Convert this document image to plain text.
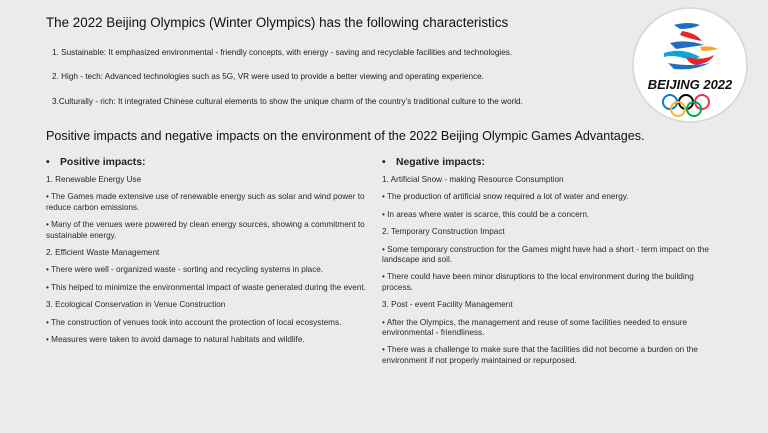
The 2022 Beijing Olympics (Winter Olympics) has the following characteristics
1. Sustainable: It emphasized environmental - friendly concepts, with energy - saving and recyclable facilities and technologies.
2. High - tech: Advanced technologies such as 5G, VR were used to provide a better viewing and operating experience.
3.Culturally - rich: It integrated Chinese cultural elements to show the unique charm of the country’s traditional culture to the world.
BEIJING 2022
Positive impacts and negative impacts on the environment of the 2022 Beijing Olympic Games Advantages.
• Positive impacts:
1. Renewable Energy Use
• The Games made extensive use of renewable energy such as solar and wind power to reduce carbon emissions.
• Many of the venues were powered by clean energy sources, showing a commitment to sustainable energy.
2. Efficient Waste Management
• There were well - organized waste - sorting and recycling systems in place.
• This helped to minimize the environmental impact of waste generated during the event.
3. Ecological Conservation in Venue Construction
• The construction of venues took into account the protection of local ecosystems.
• Measures were taken to avoid damage to natural habitats and wildlife.
• Negative impacts:
1. Artificial Snow - making Resource Consumption
• The production of artificial snow required a lot of water and energy.
• In areas where water is scarce, this could be a concern.
2. Temporary Construction Impact
• Some temporary construction for the Games might have had a short - term impact on the landscape and soil.
• There could have been minor disruptions to the local environment during the building process.
3. Post - event Facility Management
• After the Olympics, the management and reuse of some facilities needed to ensure environmental - friendliness.
• There was a challenge to make sure that the facilities did not become a burden on the environment if not properly maintained or repurposed.
